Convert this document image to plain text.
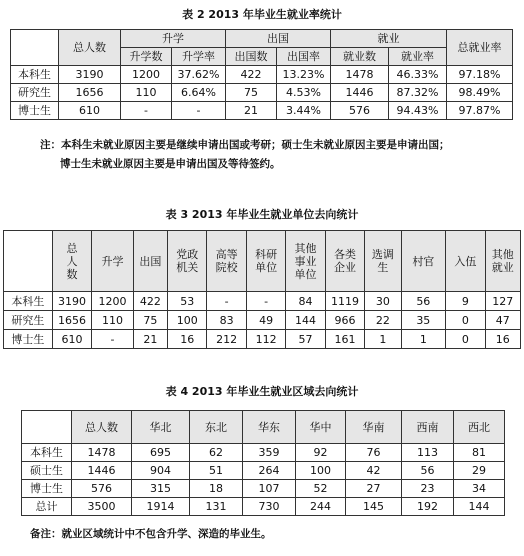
表 2 2013 年毕业生就业率统计
	总人数	升学		出国		就业		总就业率
		升学数	升学率	出国数	出国率	就业数	就业率	
本科生	3190	1200	37.62%	422	13.23%	1478	46.33%	97.18%
研究生	1656	110	6.64%	75	4.53%	1446	87.32%	98.49%
博士生	610	-	-	21	3.44%	576	94.43%	97.87%
注：本科生未就业原因主要是继续申请出国或考研；硕士生未就业原因主要是申请出国；
博士生未就业原因主要是申请出国及等待签约。
表 3 2013 年毕业生就业单位去向统计
	总
人
数	升学	出国	党政
机关	高等
院校	科研
单位	其他
事业
单位	各类
企业	选调
生	村官	入伍	其他
就业
本科生	3190	1200	422	53	-	-	84	1119	30	56	9	127
研究生	1656	110	75	100	83	49	144	966	22	35	0	47
博士生	610	-	21	16	212	112	57	161	1	1	0	16
表 4 2013 年毕业生就业区域去向统计
	总人数	华北	东北	华东	华中	华南	西南	西北
本科生	1478	695	62	359	92	76	113	81
硕士生	1446	904	51	264	100	42	56	29
博士生	576	315	18	107	52	27	23	34
总计	3500	1914	131	730	244	145	192	144
备注：就业区域统计中不包含升学、深造的毕业生。
